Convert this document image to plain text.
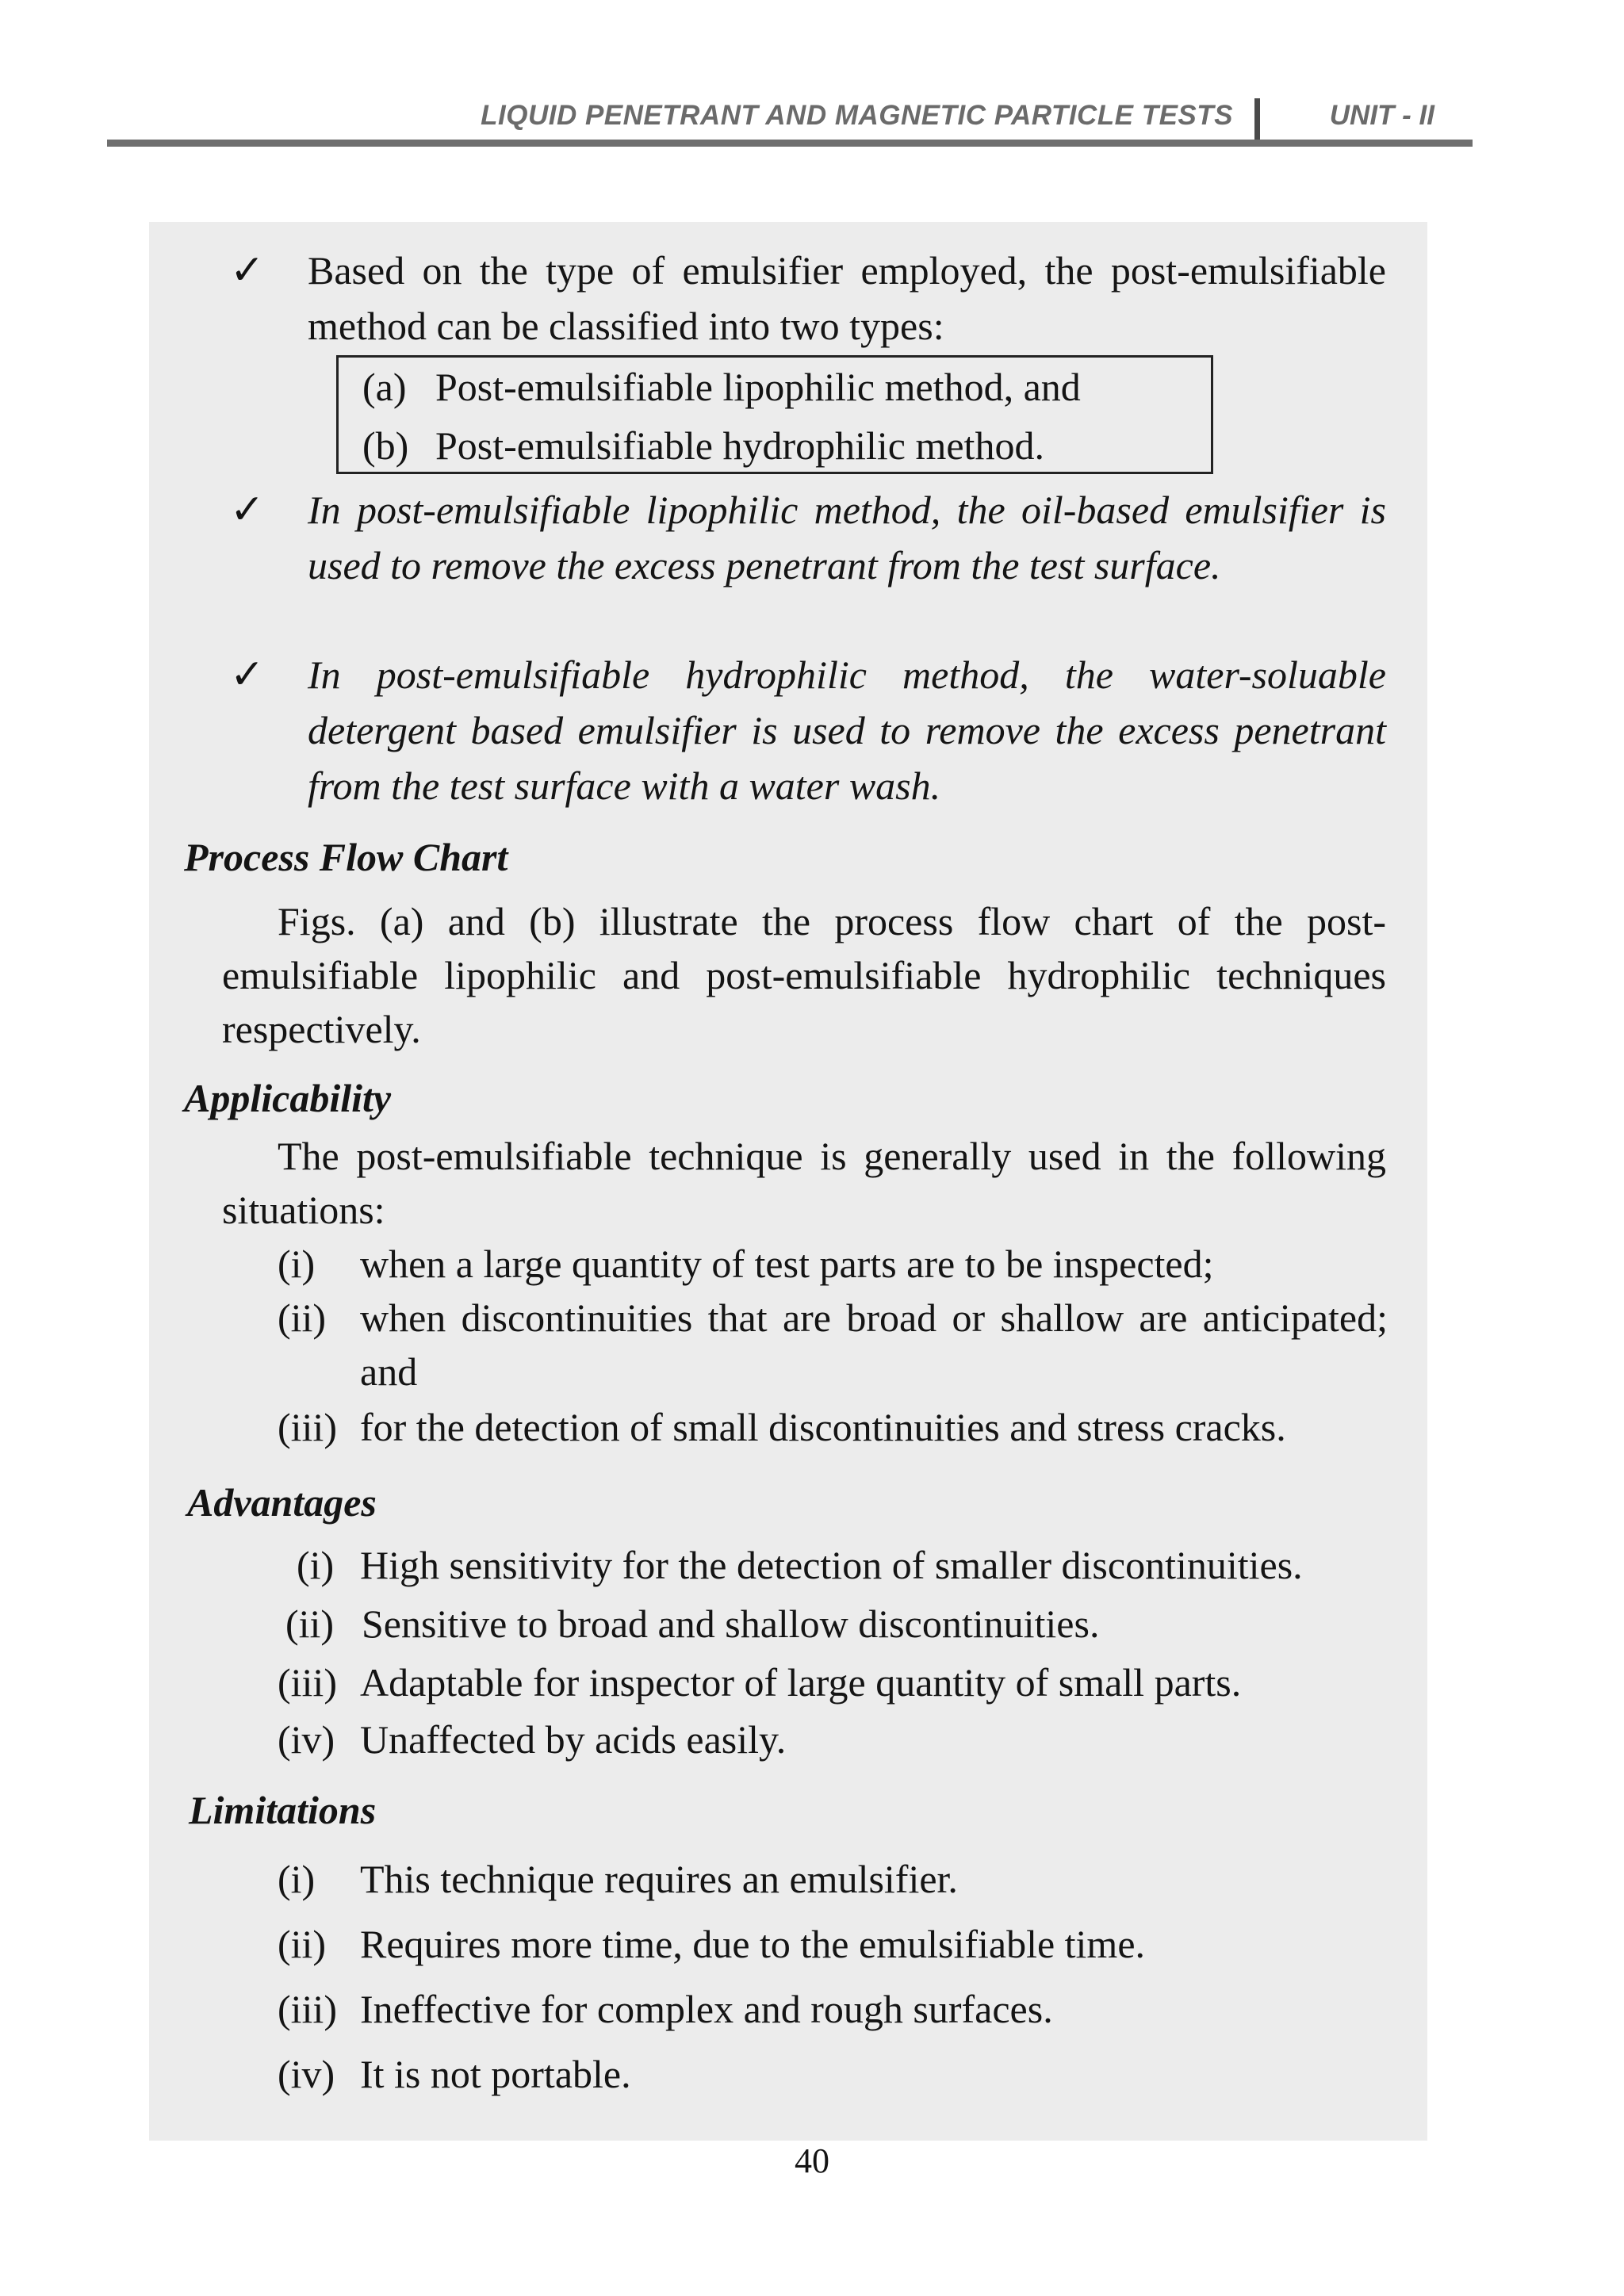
LIQUID PENETRANT AND MAGNETIC PARTICLE TESTS	UNIT - II
✓ Based on the type of emulsifier employed, the post-emulsifiable method can be classified into two types:
(a) Post-emulsifiable lipophilic method, and
(b) Post-emulsifiable hydrophilic method.
✓ In post-emulsifiable lipophilic method, the oil-based emulsifier is used to remove the excess penetrant from the test surface.
✓ In post-emulsifiable hydrophilic method, the water-soluable detergent based emulsifier is used to remove the excess penetrant from the test surface with a water wash.
Process Flow Chart
Figs. (a) and (b) illustrate the process flow chart of the post-emulsifiable lipophilic and post-emulsifiable hydrophilic techniques respectively.
Applicability
The post-emulsifiable technique is generally used in the following situations:
(i) when a large quantity of test parts are to be inspected;
(ii) when discontinuities that are broad or shallow are anticipated; and
(iii) for the detection of small discontinuities and stress cracks.
Advantages
(i) High sensitivity for the detection of smaller discontinuities.
(ii) Sensitive to broad and shallow discontinuities.
(iii) Adaptable for inspector of large quantity of small parts.
(iv) Unaffected by acids easily.
Limitations
(i) This technique requires an emulsifier.
(ii) Requires more time, due to the emulsifiable time.
(iii) Ineffective for complex and rough surfaces.
(iv) It is not portable.
40
